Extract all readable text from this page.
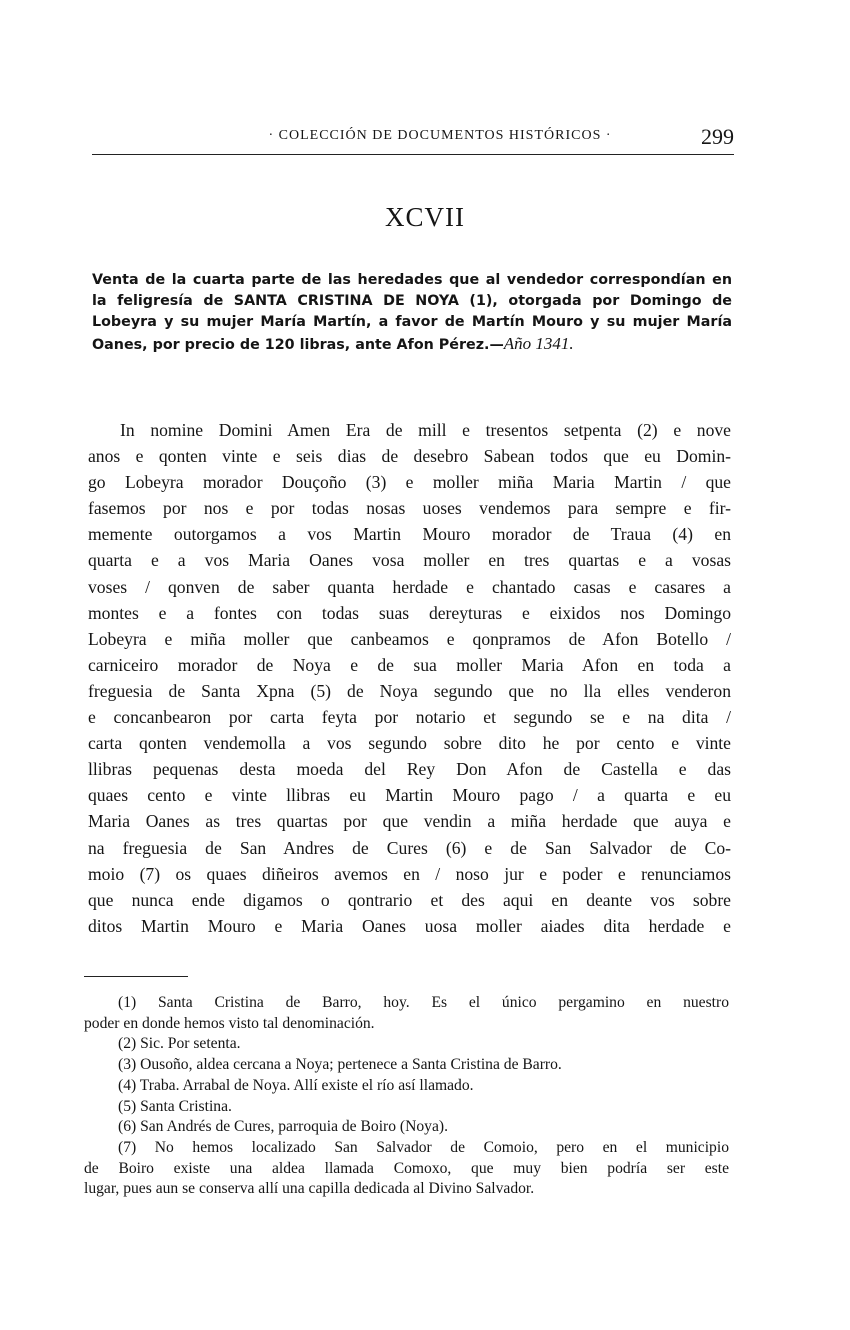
· COLECCIÓN DE DOCUMENTOS HISTÓRICOS ·	299
XCVII
Venta de la cuarta parte de las heredades que al vendedor correspondían en la feligresía de SANTA CRISTINA DE NOYA (1), otorgada por Domingo de Lobeyra y su mujer María Martín, a favor de Martín Mouro y su mujer María Oanes, por precio de 120 libras, ante Afon Pérez.—Año 1341.
In nomine Domini Amen Era de mill e tresentos setpenta (2) e nove
anos e qonten vinte e seis dias de desebro Sabean todos que eu Domin-
go Lobeyra morador Douçoño (3) e moller miña Maria Martin / que
fasemos por nos e por todas nosas uoses vendemos para sempre e fir-
memente outorgamos a vos Martin Mouro morador de Traua (4) en
quarta e a vos Maria Oanes vosa moller en tres quartas e a vosas
voses / qonven de saber quanta herdade e chantado casas e casares a
montes e a fontes con todas suas dereyturas e eixidos nos Domingo
Lobeyra e miña moller que canbeamos e qonpramos de Afon Botello /
carniceiro morador de Noya e de sua moller Maria Afon en toda a
freguesia de Santa Xpna (5) de Noya segundo que no lla elles venderon
e concanbearon por carta feyta por notario et segundo se e na dita /
carta qonten vendemolla a vos segundo sobre dito he por cento e vinte
llibras pequenas desta moeda del Rey Don Afon de Castella e das
quaes cento e vinte llibras eu Martin Mouro pago / a quarta e eu
Maria Oanes as tres quartas por que vendin a miña herdade que auya e
na freguesia de San Andres de Cures (6) e de San Salvador de Co-
moio (7) os quaes diñeiros avemos en / noso jur e poder e renunciamos
que nunca ende digamos o qontrario et des aqui en deante vos sobre
ditos Martin Mouro e Maria Oanes uosa moller aiades dita herdade e
(1) Santa Cristina de Barro, hoy. Es el único pergamino en nuestro
poder en donde hemos visto tal denominación.
(2) Sic. Por setenta.
(3) Ousoño, aldea cercana a Noya; pertenece a Santa Cristina de Barro.
(4) Traba. Arrabal de Noya. Allí existe el río así llamado.
(5) Santa Cristina.
(6) San Andrés de Cures, parroquia de Boiro (Noya).
(7) No hemos localizado San Salvador de Comoio, pero en el municipio
de Boiro existe una aldea llamada Comoxo, que muy bien podría ser este
lugar, pues aun se conserva allí una capilla dedicada al Divino Salvador.
